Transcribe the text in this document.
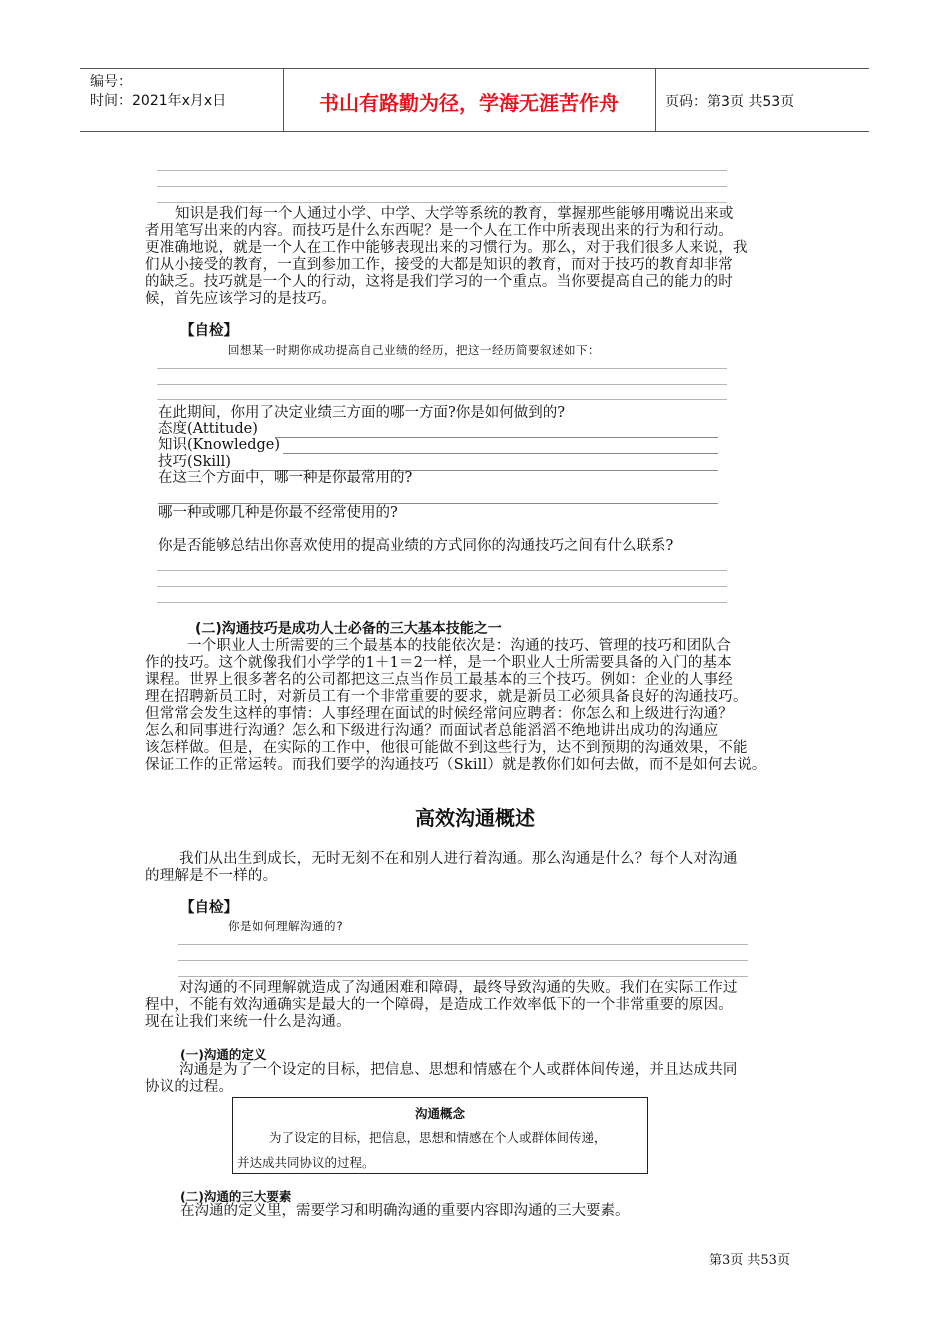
编号：
时间：2021年x月x日	书山有路勤为径，学海无涯苦作舟	页码：第3页 共53页
知识是我们每一个人通过小学、中学、大学等系统的教育，掌握那些能够用嘴说出来或
者用笔写出来的内容。而技巧是什么东西呢？是一个人在工作中所表现出来的行为和行动。
更准确地说，就是一个人在工作中能够表现出来的习惯行为。那么，对于我们很多人来说，我
们从小接受的教育，一直到参加工作，接受的大都是知识的教育，而对于技巧的教育却非常
的缺乏。技巧就是一个人的行动，这将是我们学习的一个重点。当你要提高自己的能力的时
候，首先应该学习的是技巧。
【自检】
回想某一时期你成功提高自己业绩的经历，把这一经历简要叙述如下：
在此期间，你用了决定业绩三方面的哪一方面?你是如何做到的?
态度(Attitude)
知识(Knowledge)
技巧(Skill)
在这三个方面中，哪一种是你最常用的?
哪一种或哪几种是你最不经常使用的?
你是否能够总结出你喜欢使用的提高业绩的方式同你的沟通技巧之间有什么联系?
(二)沟通技巧是成功人士必备的三大基本技能之一
一个职业人士所需要的三个最基本的技能依次是：沟通的技巧、管理的技巧和团队合
作的技巧。这个就像我们小学学的1＋1＝2一样，是一个职业人士所需要具备的入门的基本
课程。世界上很多著名的公司都把这三点当作员工最基本的三个技巧。例如：企业的人事经
理在招聘新员工时，对新员工有一个非常重要的要求，就是新员工必须具备良好的沟通技巧。
但常常会发生这样的事情：人事经理在面试的时候经常问应聘者：你怎么和上级进行沟通？
怎么和同事进行沟通？怎么和下级进行沟通？而面试者总能滔滔不绝地讲出成功的沟通应
该怎样做。但是，在实际的工作中，他很可能做不到这些行为，达不到预期的沟通效果，不能
保证工作的正常运转。而我们要学的沟通技巧（Skill）就是教你们如何去做，而不是如何去说。
高效沟通概述
我们从出生到成长，无时无刻不在和别人进行着沟通。那么沟通是什么？每个人对沟通
的理解是不一样的。
【自检】
你是如何理解沟通的?
对沟通的不同理解就造成了沟通困难和障碍，最终导致沟通的失败。我们在实际工作过
程中，不能有效沟通确实是最大的一个障碍，是造成工作效率低下的一个非常重要的原因。
现在让我们来统一什么是沟通。
(一)沟通的定义
沟通是为了一个设定的目标，把信息、思想和情感在个人或群体间传递，并且达成共同
协议的过程。
沟通概念
为了设定的目标，把信息，思想和情感在个人或群体间传递，
并达成共同协议的过程。
(二)沟通的三大要素
在沟通的定义里，需要学习和明确沟通的重要内容即沟通的三大要素。
第3页 共53页
